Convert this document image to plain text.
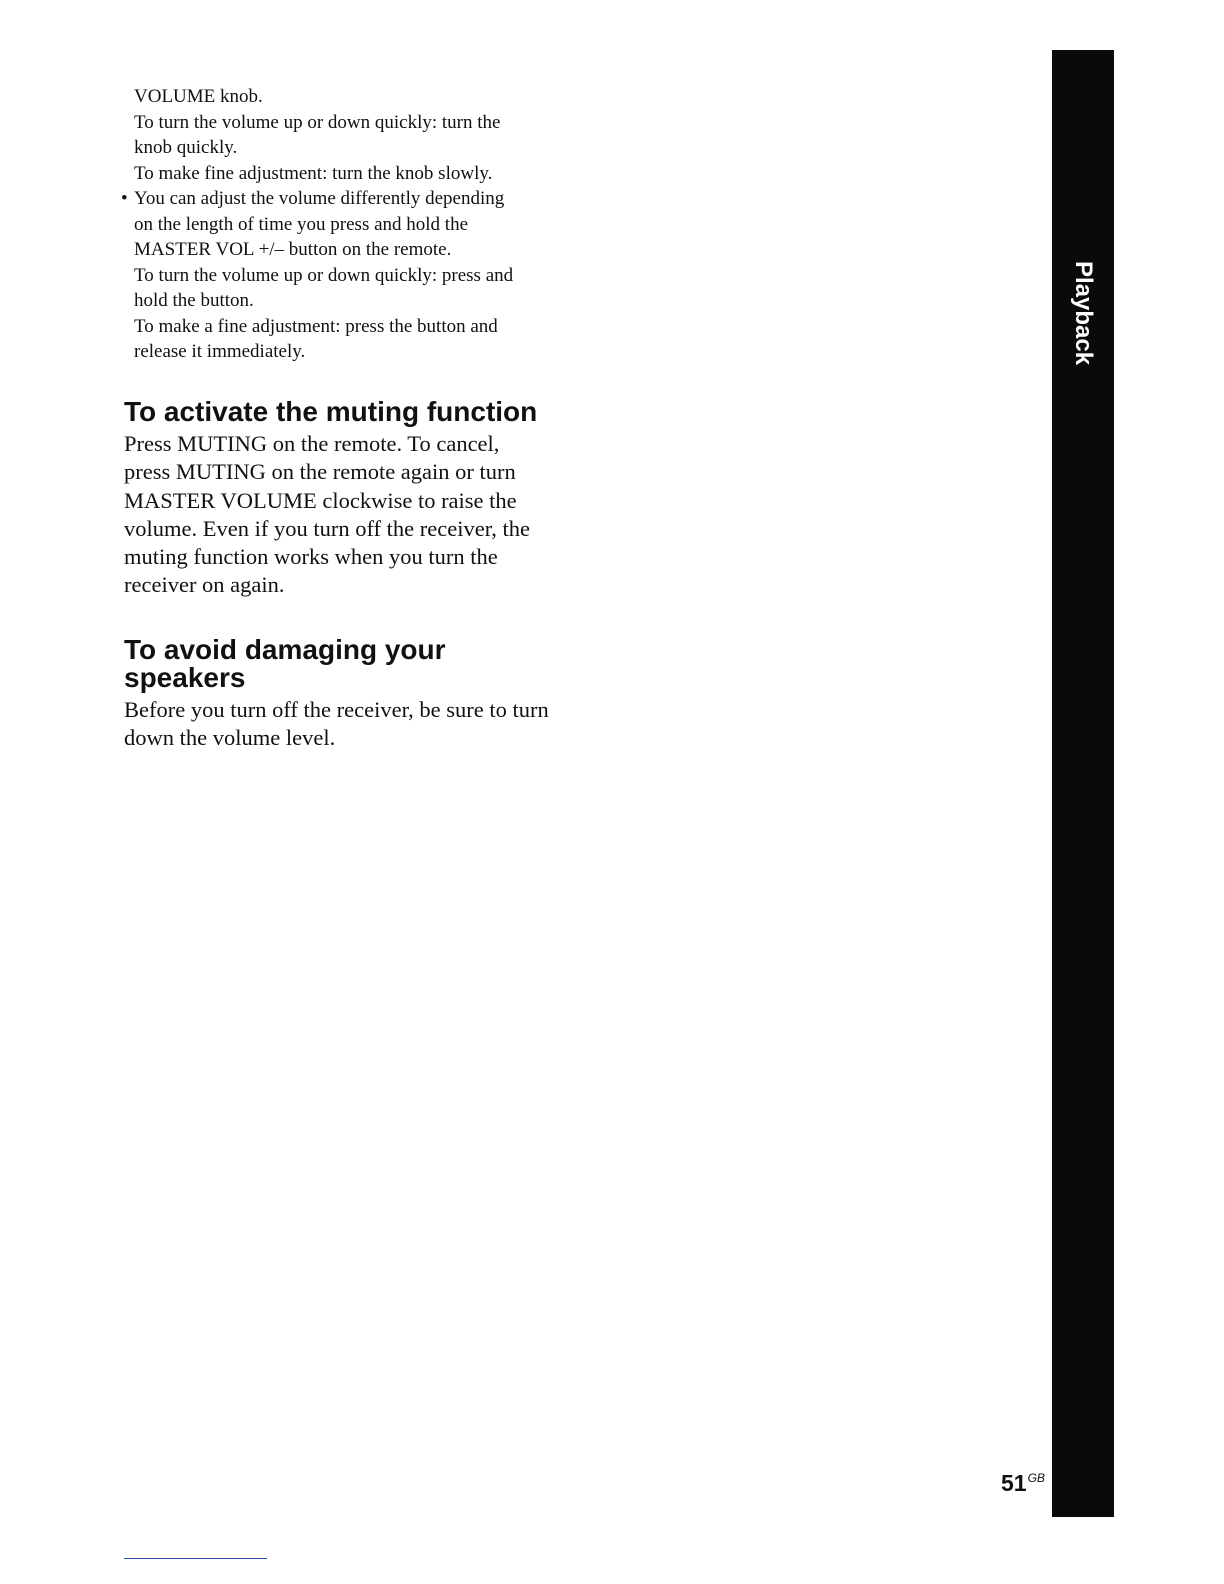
VOLUME knob.

To turn the volume up or down quickly: turn the

knob quickly.

To make fine adjustment: turn the knob slowly.

• You can adjust the volume differently depending

on the length of time you press and hold the

MASTER VOL +/– button on the remote.

To turn the volume up or down quickly: press and

hold the button.

To make a fine adjustment: press the button and

release it immediately.

To activate the muting function

Press MUTING on the remote. To cancel,

press MUTING on the remote again or turn

MASTER VOLUME clockwise to raise the

volume. Even if you turn off the receiver, the

muting function works when you turn the

receiver on again.

To avoid damaging your
speakers

Before you turn off the receiver, be sure to turn

down the volume level.

Playback
$51^{GB}$
